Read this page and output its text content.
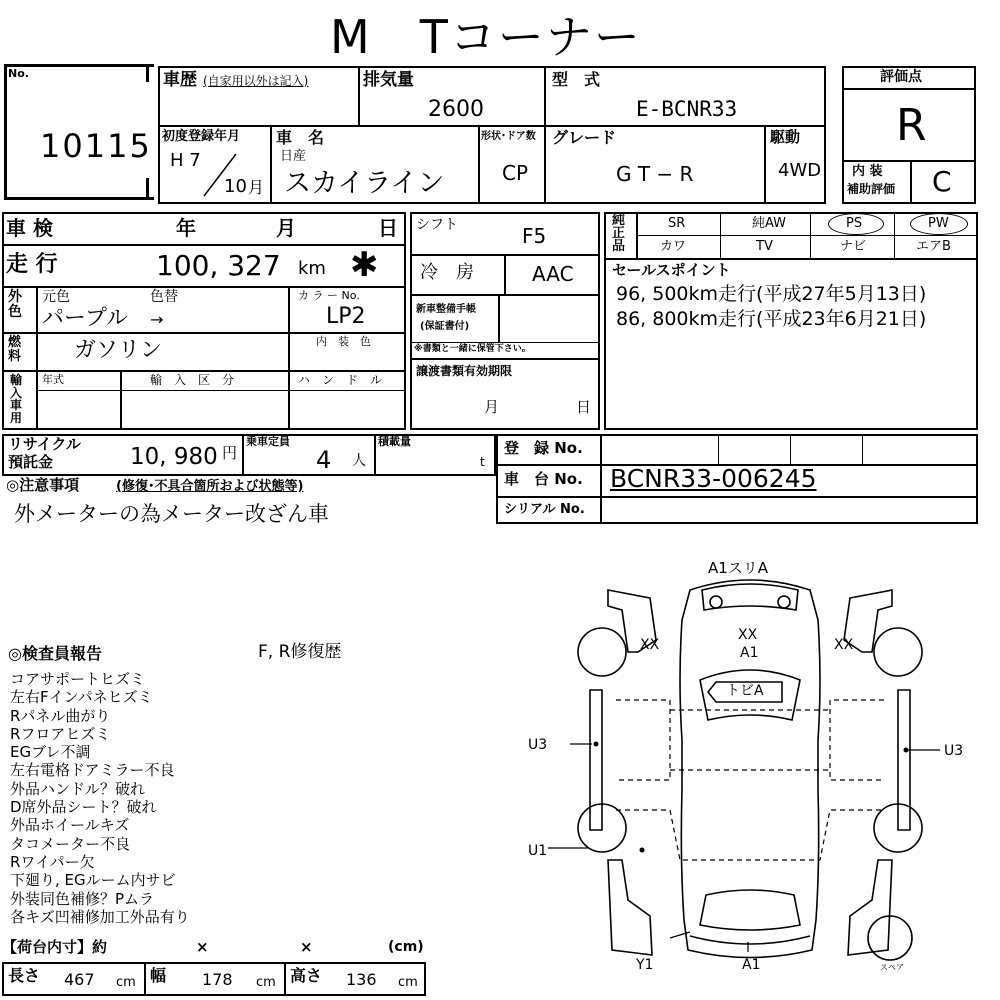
M　Tコーナー
No.
10115
車歴 (自家用以外は記入)	排気量
2600
型　式
E-BCNR33
初度登録年月
H 7
10 月
車　名
日産
スカイライン
形状･ドア数
CP
グレード
G T − R
駆動
4WD
評価点
R
内 装
補助評価 C
車 検	年	月	日
走 行	100, 327 km ✱
外色
元色	色替
パープル →
カ ラ ー No.
LP2
燃料 ガソリン	内　装　色
輸入車用
年式	輸　入　区　分	ハ　ン　ド　ル
シフト	F5
冷　房	AAC
新車整備手帳
(保証書付)
※書類と一緒に保管下さい。
譲渡書類有効期限
月	日
純正品
SR	純AW	PS	PW
カワ	TV	ナビ	エアB
セールスポイント
96, 500km走行(平成27年5月13日)
86, 800km走行(平成23年6月21日)
リサイクル
預託金	10, 980 円
乗車定員
4 人
積載量
t
登　録 No.
車　台 No. BCNR33-006245
シリアル No.
◎注意事項	(修復･不具合箇所および状態等)
外メーターの為メーター改ざん車
◎検査員報告	F, R修復歴
コアサポートヒズミ
左右Fインパネヒズミ
Rパネル曲がり
Rフロアヒズミ
EGブレ不調
左右電格ドアミラー不良
外品ハンドル？破れ
D席外品シート？破れ
外品ホイールキズ
タコメーター不良
Rワイパー欠
下廻り, EGルーム内サビ
外装同色補修？Pムラ
各キズ凹補修加工外品有り
【荷台内寸】約	×	×	(cm)
長さ 467 cm 幅 178 cm 高さ 136 cm
A1スリA
XX
XX
A1	XX
トビA
U3	U3
U1
Y1	A1	スペア
